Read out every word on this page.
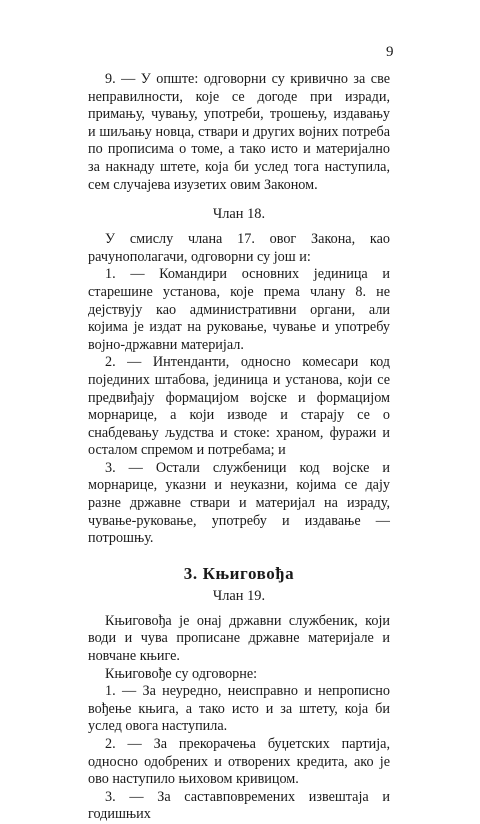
9

9. — У опште: одговорни су кривично за све неправилности, које се догоде при изради, примању, чувању, употреби, трошењу, издавању и шиљању новца, ствари и других војних потреба по прописима о томе, а тако исто и материјално за накнаду штете, која би услед тога наступила, сем случајева изузетих овим Законом.

Члан 18.

У смислу члана 17. овог Закона, као рачунополагачи, одговорни су још и:

1. — Командири основних јединица и старешине установа, које према члану 8. не дејствују као административни органи, али којима је издат на руковање, чување и употребу војно-државни материјал.

2. — Интенданти, односно комесари код појединих штабова, јединица и установа, који се предвиђају формацијом војске и формацијом морнарице, а који изводе и старају се о снабдевању људства и стоке: храном, фуражи и осталом спремом и потребама; и

3. — Остали службеници код војске и морнарице, указни и неуказни, којима се дају разне државне ствари и материјал на израду, чување-руковање, употребу и издавање — потрошњу.

3. Књиговођа

Члан 19.

Књиговођа је онај државни службеник, који води и чува прописане државне материјале и новчане књиге.

Књиговође су одговорне:

1. — За неуредно, неисправно и непрописно вођење књига, а тако исто и за штету, која би услед овога наступила.

2. — За прекорачења буџетских партија, односно одобрених и отворених кредита, ако је ово наступило њиховом кривицом.

3. — За саставповремених извештаја и годишњих
